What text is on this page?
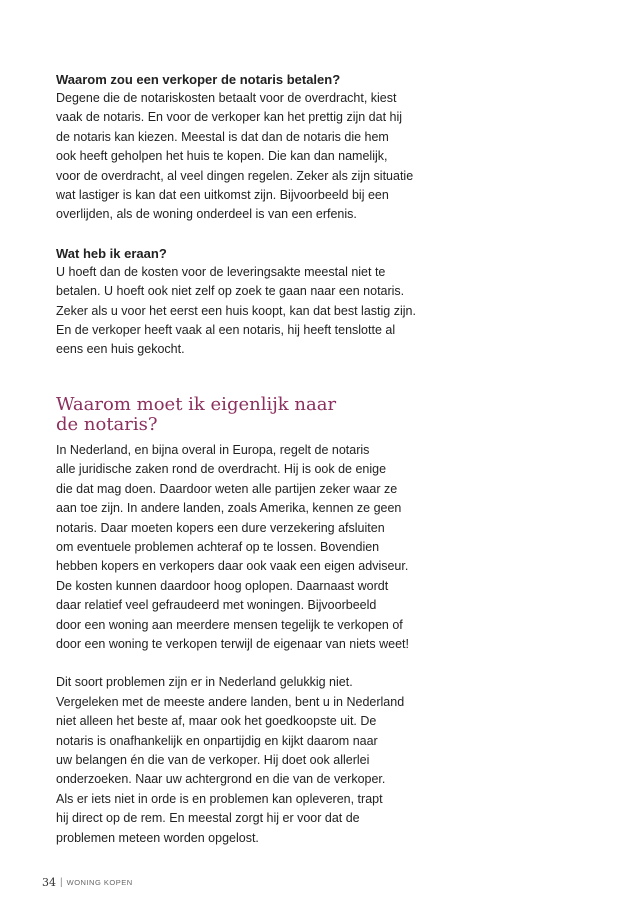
Waarom zou een verkoper de notaris betalen?

Degene die de notariskosten betaalt voor de overdracht, kiest
vaak de notaris. En voor de verkoper kan het prettig zijn dat hij
de notaris kan kiezen. Meestal is dat dan de notaris die hem
ook heeft geholpen het huis te kopen. Die kan dan namelijk,
voor de overdracht, al veel dingen regelen. Zeker als zijn situatie
wat lastiger is kan dat een uitkomst zijn. Bijvoorbeeld bij een
overlijden, als de woning onderdeel is van een erfenis.

Wat heb ik eraan?

U hoeft dan de kosten voor de leveringsakte meestal niet te
betalen. U hoeft ook niet zelf op zoek te gaan naar een notaris.
Zeker als u voor het eerst een huis koopt, kan dat best lastig zijn.
En de verkoper heeft vaak al een notaris, hij heeft tenslotte al
eens een huis gekocht.

Waarom moet ik eigenlijk naar
de notaris?

In Nederland, en bijna overal in Europa, regelt de notaris
alle juridische zaken rond de overdracht. Hij is ook de enige
die dat mag doen. Daardoor weten alle partijen zeker waar ze
aan toe zijn. In andere landen, zoals Amerika, kennen ze geen
notaris. Daar moeten kopers een dure verzekering afsluiten
om eventuele problemen achteraf op te lossen. Bovendien
hebben kopers en verkopers daar ook vaak een eigen adviseur.
De kosten kunnen daardoor hoog oplopen. Daarnaast wordt
daar relatief veel gefraudeerd met woningen. Bijvoorbeeld
door een woning aan meerdere mensen tegelijk te verkopen of
door een woning te verkopen terwijl de eigenaar van niets weet!

Dit soort problemen zijn er in Nederland gelukkig niet.
Vergeleken met de meeste andere landen, bent u in Nederland
niet alleen het beste af, maar ook het goedkoopste uit. De
notaris is onafhankelijk en onpartijdig en kijkt daarom naar
uw belangen én die van de verkoper. Hij doet ook allerlei
onderzoeken. Naar uw achtergrond en die van de verkoper.
Als er iets niet in orde is en problemen kan opleveren, trapt
hij direct op de rem. En meestal zorgt hij er voor dat de
problemen meteen worden opgelost.

34 | WONING KOPEN
